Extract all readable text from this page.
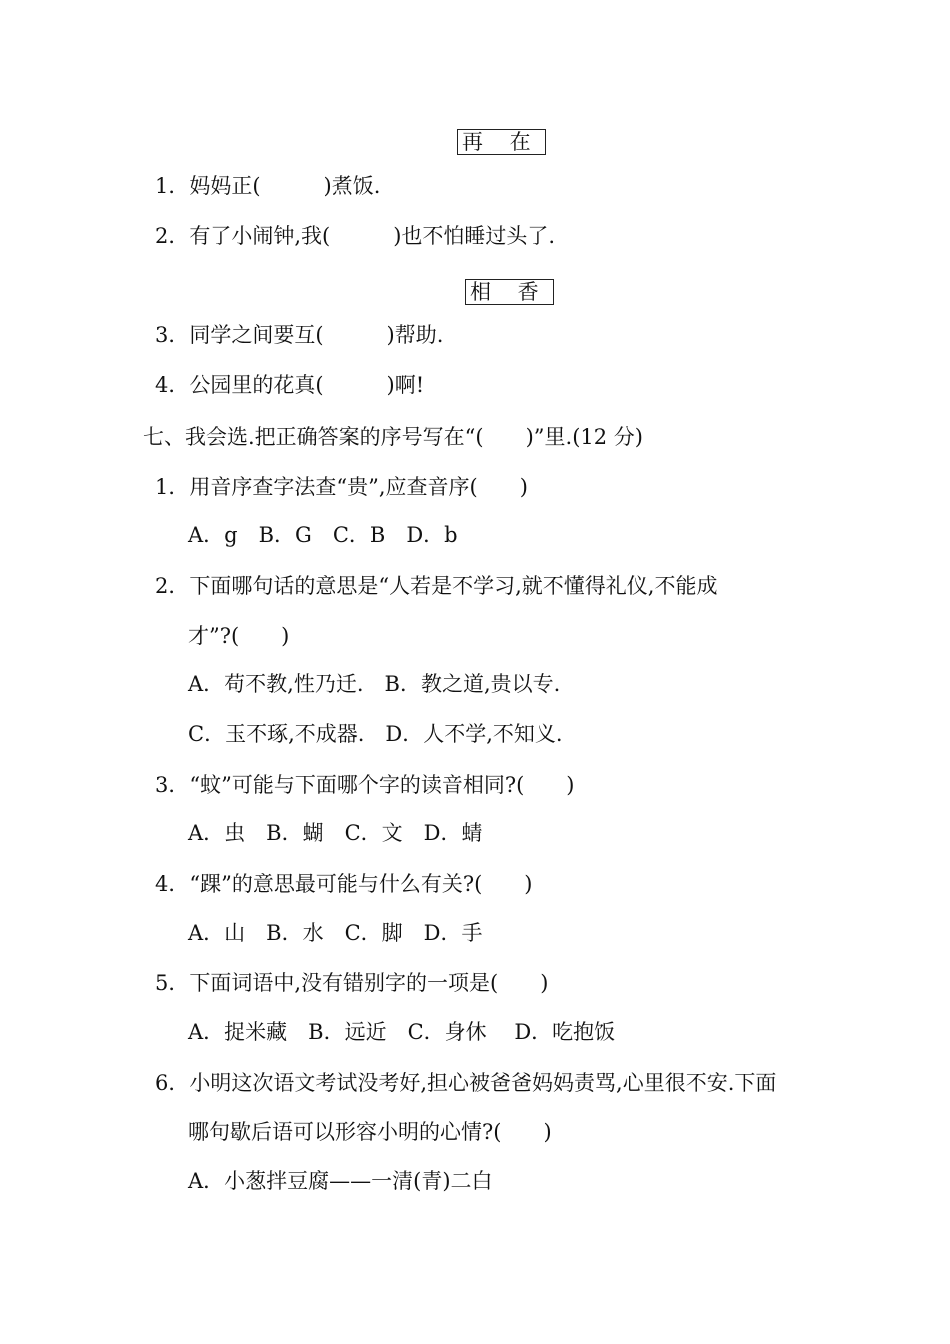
再 在
1．妈妈正(　　　)煮饭.
2．有了小闹钟,我(　　　)也不怕睡过头了.
相 香
3．同学之间要互(　　　)帮助.
4．公园里的花真(　　　)啊!
七、我会选.把正确答案的序号写在“(　　)”里.(12 分)
1．用音序查字法查“贵”,应查音序(　　)
A．g　B．G　C．B　D．b
2．下面哪句话的意思是“人若是不学习,就不懂得礼仪,不能成
才”?(　　)
A．苟不教,性乃迁.　B．教之道,贵以专.
C．玉不琢,不成器.　D．人不学,不知义.
3．“蚊”可能与下面哪个字的读音相同?(　　)
A．虫　B．蝴　C．文　D．蜻
4．“踝”的意思最可能与什么有关?(　　)
A．山　B．水　C．脚　D．手
5．下面词语中,没有错别字的一项是(　　)
A．捉米藏　B．远近　C．身休　 D．吃抱饭
6．小明这次语文考试没考好,担心被爸爸妈妈责骂,心里很不安.下面
哪句歇后语可以形容小明的心情?(　　)
A．小葱拌豆腐——一清(青)二白
